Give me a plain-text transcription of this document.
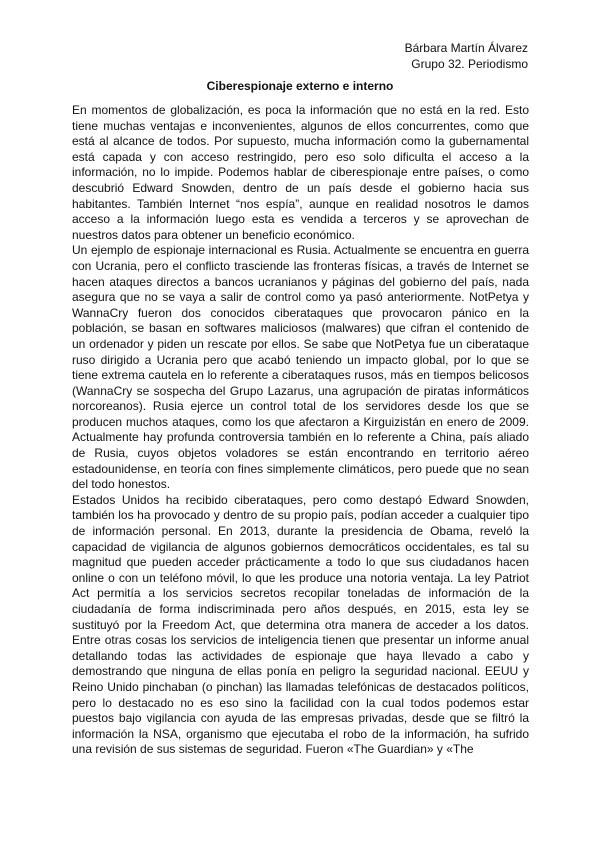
Bárbara Martín Álvarez
Grupo 32. Periodismo
Ciberespionaje externo e interno

En momentos de globalización, es poca la información que no está en la red. Esto tiene muchas ventajas e inconvenientes, algunos de ellos concurrentes, como que está al alcance de todos. Por supuesto, mucha información como la gubernamental está capada y con acceso restringido, pero eso solo dificulta el acceso a la información, no lo impide. Podemos hablar de ciberespionaje entre países, o como descubrió Edward Snowden, dentro de un país desde el gobierno hacia sus habitantes. También Internet “nos espía”, aunque en realidad nosotros le damos acceso a la información luego esta es vendida a terceros y se aprovechan de nuestros datos para obtener un beneficio económico.

Un ejemplo de espionaje internacional es Rusia. Actualmente se encuentra en guerra con Ucrania, pero el conflicto trasciende las fronteras físicas, a través de Internet se hacen ataques directos a bancos ucranianos y páginas del gobierno del país, nada asegura que no se vaya a salir de control como ya pasó anteriormente. NotPetya y WannaCry fueron dos conocidos ciberataques que provocaron pánico en la población, se basan en softwares maliciosos (malwares) que cifran el contenido de un ordenador y piden un rescate por ellos. Se sabe que NotPetya fue un ciberataque ruso dirigido a Ucrania pero que acabó teniendo un impacto global, por lo que se tiene extrema cautela en lo referente a ciberataques rusos, más en tiempos belicosos (WannaCry se sospecha del Grupo Lazarus, una agrupación de piratas informáticos norcoreanos). Rusia ejerce un control total de los servidores desde los que se producen muchos ataques, como los que afectaron a Kirguizistán en enero de 2009. Actualmente hay profunda controversia también en lo referente a China, país aliado de Rusia, cuyos objetos voladores se están encontrando en territorio aéreo estadounidense, en teoría con fines simplemente climáticos, pero puede que no sean del todo honestos.

Estados Unidos ha recibido ciberataques, pero como destapó Edward Snowden, también los ha provocado y dentro de su propio país, podían acceder a cualquier tipo de información personal. En 2013, durante la presidencia de Obama, reveló la capacidad de vigilancia de algunos gobiernos democráticos occidentales, es tal su magnitud que pueden acceder prácticamente a todo lo que sus ciudadanos hacen online o con un teléfono móvil, lo que les produce una notoria ventaja. La ley Patriot Act permitía a los servicios secretos recopilar toneladas de información de la ciudadanía de forma indiscriminada pero años después, en 2015, esta ley se sustituyó por la Freedom Act, que determina otra manera de acceder a los datos. Entre otras cosas los servicios de inteligencia tienen que presentar un informe anual detallando todas las actividades de espionaje que haya llevado a cabo y demostrando que ninguna de ellas ponía en peligro la seguridad nacional. EEUU y Reino Unido pinchaban (o pinchan) las llamadas telefónicas de destacados políticos, pero lo destacado no es eso sino la facilidad con la cual todos podemos estar puestos bajo vigilancia con ayuda de las empresas privadas, desde que se filtró la información la NSA, organismo que ejecutaba el robo de la información, ha sufrido una revisión de sus sistemas de seguridad. Fueron «The Guardian» y «The
